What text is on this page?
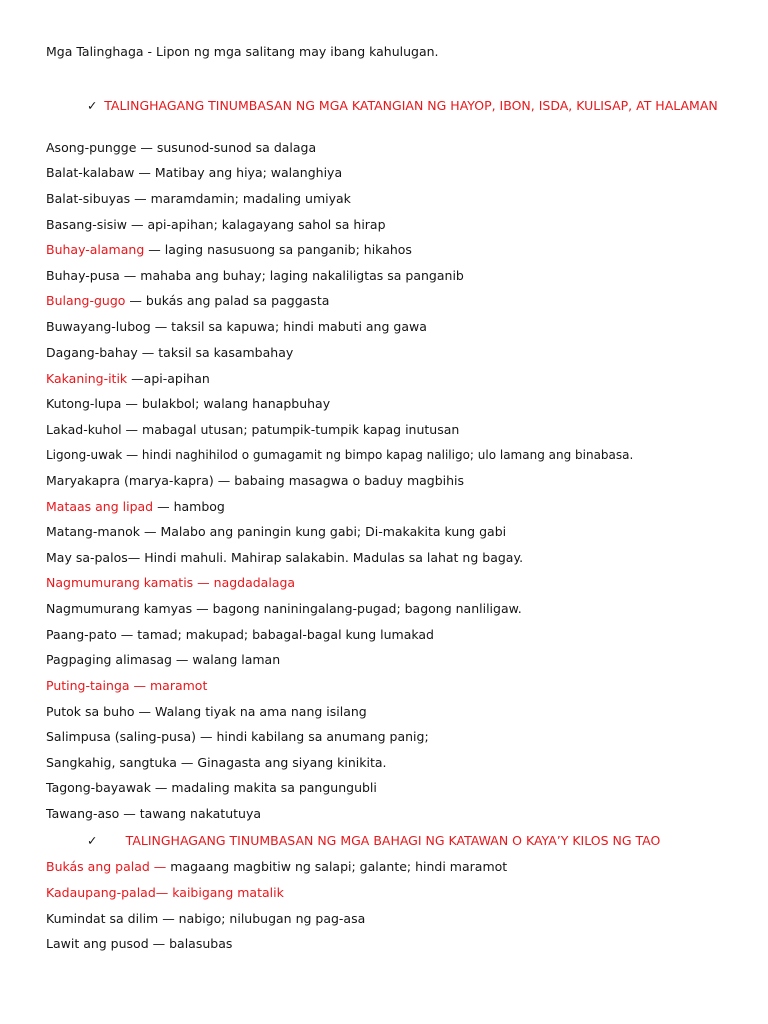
Mga Talinghaga - Lipon ng mga salitang may ibang kahulugan.
✓ TALINGHAGANG TINUMBASAN NG MGA KATANGIAN NG HAYOP, IBON, ISDA, KULISAP, AT HALAMAN
Asong-pungge — susunod-sunod sa dalaga
Balat-kalabaw — Matibay ang hiya; walanghiya
Balat-sibuyas — maramdamin; madaling umiyak
Basang-sisiw — api-apihan; kalagayang sahol sa hirap
Buhay-alamang — laging nasusuong sa panganib; hikahos
Buhay-pusa — mahaba ang buhay; laging nakaliligtas sa panganib
Bulang-gugo — bukás ang palad sa paggasta
Buwayang-lubog — taksil sa kapuwa; hindi mabuti ang gawa
Dagang-bahay — taksil sa kasambahay
Kakaning-itik —api-apihan
Kutong-lupa — bulakbol; walang hanapbuhay
Lakad-kuhol — mabagal utusan; patumpik-tumpik kapag inutusan
Ligong-uwak — hindi naghihilod o gumagamit ng bimpo kapag naliligo; ulo lamang ang binabasa.
Maryakapra (marya-kapra) — babaing masagwa o baduy magbihis
Mataas ang lipad — hambog
Matang-manok — Malabo ang paningin kung gabi; Di-makakita kung gabi
May sa-palos— Hindi mahuli. Mahirap salakabin. Madulas sa lahat ng bagay.
Nagmumurang kamatis — nagdadalaga
Nagmumurang kamyas — bagong naniningalang-pugad; bagong nanliligaw.
Paang-pato — tamad; makupad; babagal-bagal kung lumakad
Pagpaging alimasag — walang laman
Puting-tainga — maramot
Putok sa buho — Walang tiyak na ama nang isilang
Salimpusa (saling-pusa) — hindi kabilang sa anumang panig;
Sangkahig, sangtuka — Ginagasta ang siyang kinikita.
Tagong-bayawak — madaling makita sa pangungubli
Tawang-aso — tawang nakatutuya
✓ TALINGHAGANG TINUMBASAN NG MGA BAHAGI NG KATAWAN O KAYA’Y KILOS NG TAO
Bukás ang palad — magaang magbitiw ng salapi; galante; hindi maramot
Kadaupang-palad— kaibigang matalik
Kumindat sa dilim — nabigo; nilubugan ng pag-asa
Lawit ang pusod — balasubas
